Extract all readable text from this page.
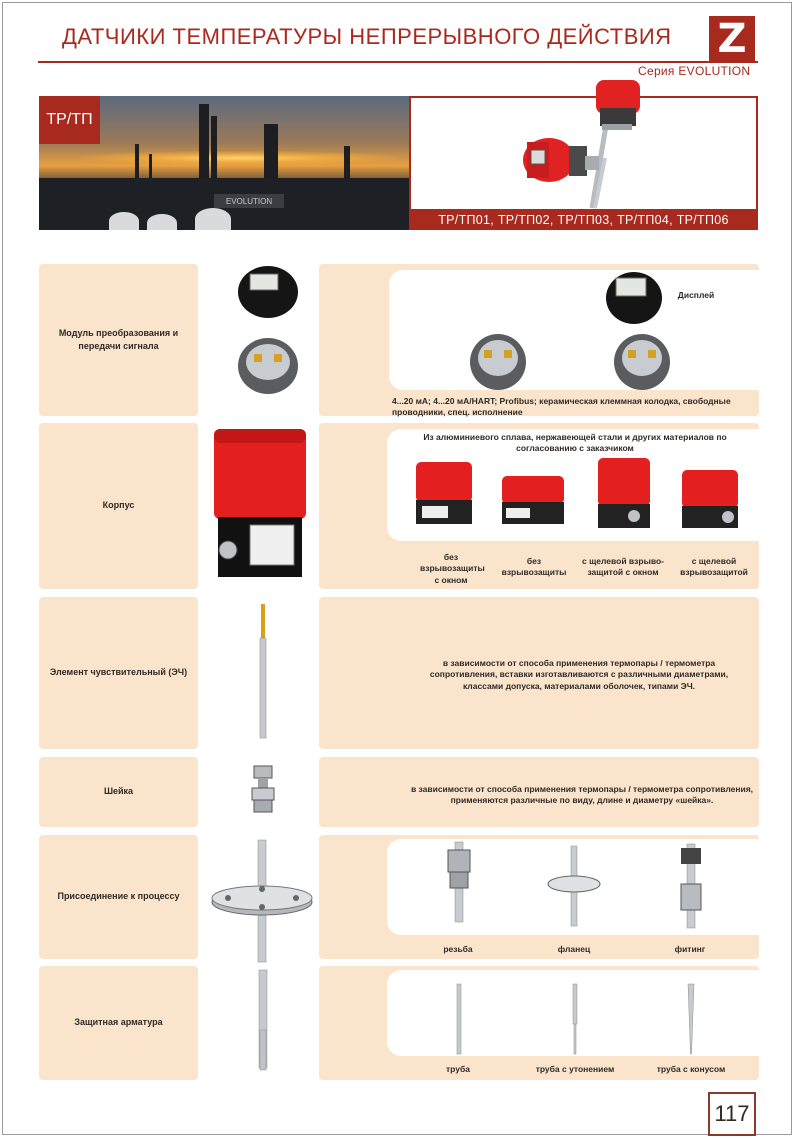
ДАТЧИКИ ТЕМПЕРАТУРЫ НЕПРЕРЫВНОГО ДЕЙСТВИЯ Z
Серия EVOLUTION
EVOLUTION
ТР/ТП
ТР/ТП01, ТР/ТП02, ТР/ТП03, ТР/ТП04, ТР/ТП06
Модуль преобразования и передачи сигнала
Дисплей
4...20 мА; 4...20 мА/HART; Profibus; керамическая клеммная колодка, свободные проводники, спец. исполнение
Корпус
Из алюминиевого сплава, нержавеющей стали и других материалов по согласованию с заказчиком
без взрывозащиты с окном
без взрывозащиты
с щелевой взрыво- защитой с окном
с щелевой взрывозащитой
Элемент чувствительный (ЭЧ)
в зависимости от способа применения термопары / термометра сопротивления, вставки изготавливаются с различными диаметрами, классами допуска, материалами оболочек, типами ЭЧ.
Шейка	в зависимости от способа применения термопары / термометра сопротивления, применяются различные по виду, длине и диаметру «шейка».
Присоединение к процессу
резьба	фланец	фитинг
Защитная арматура
труба	труба с утонением	труба с конусом
117
